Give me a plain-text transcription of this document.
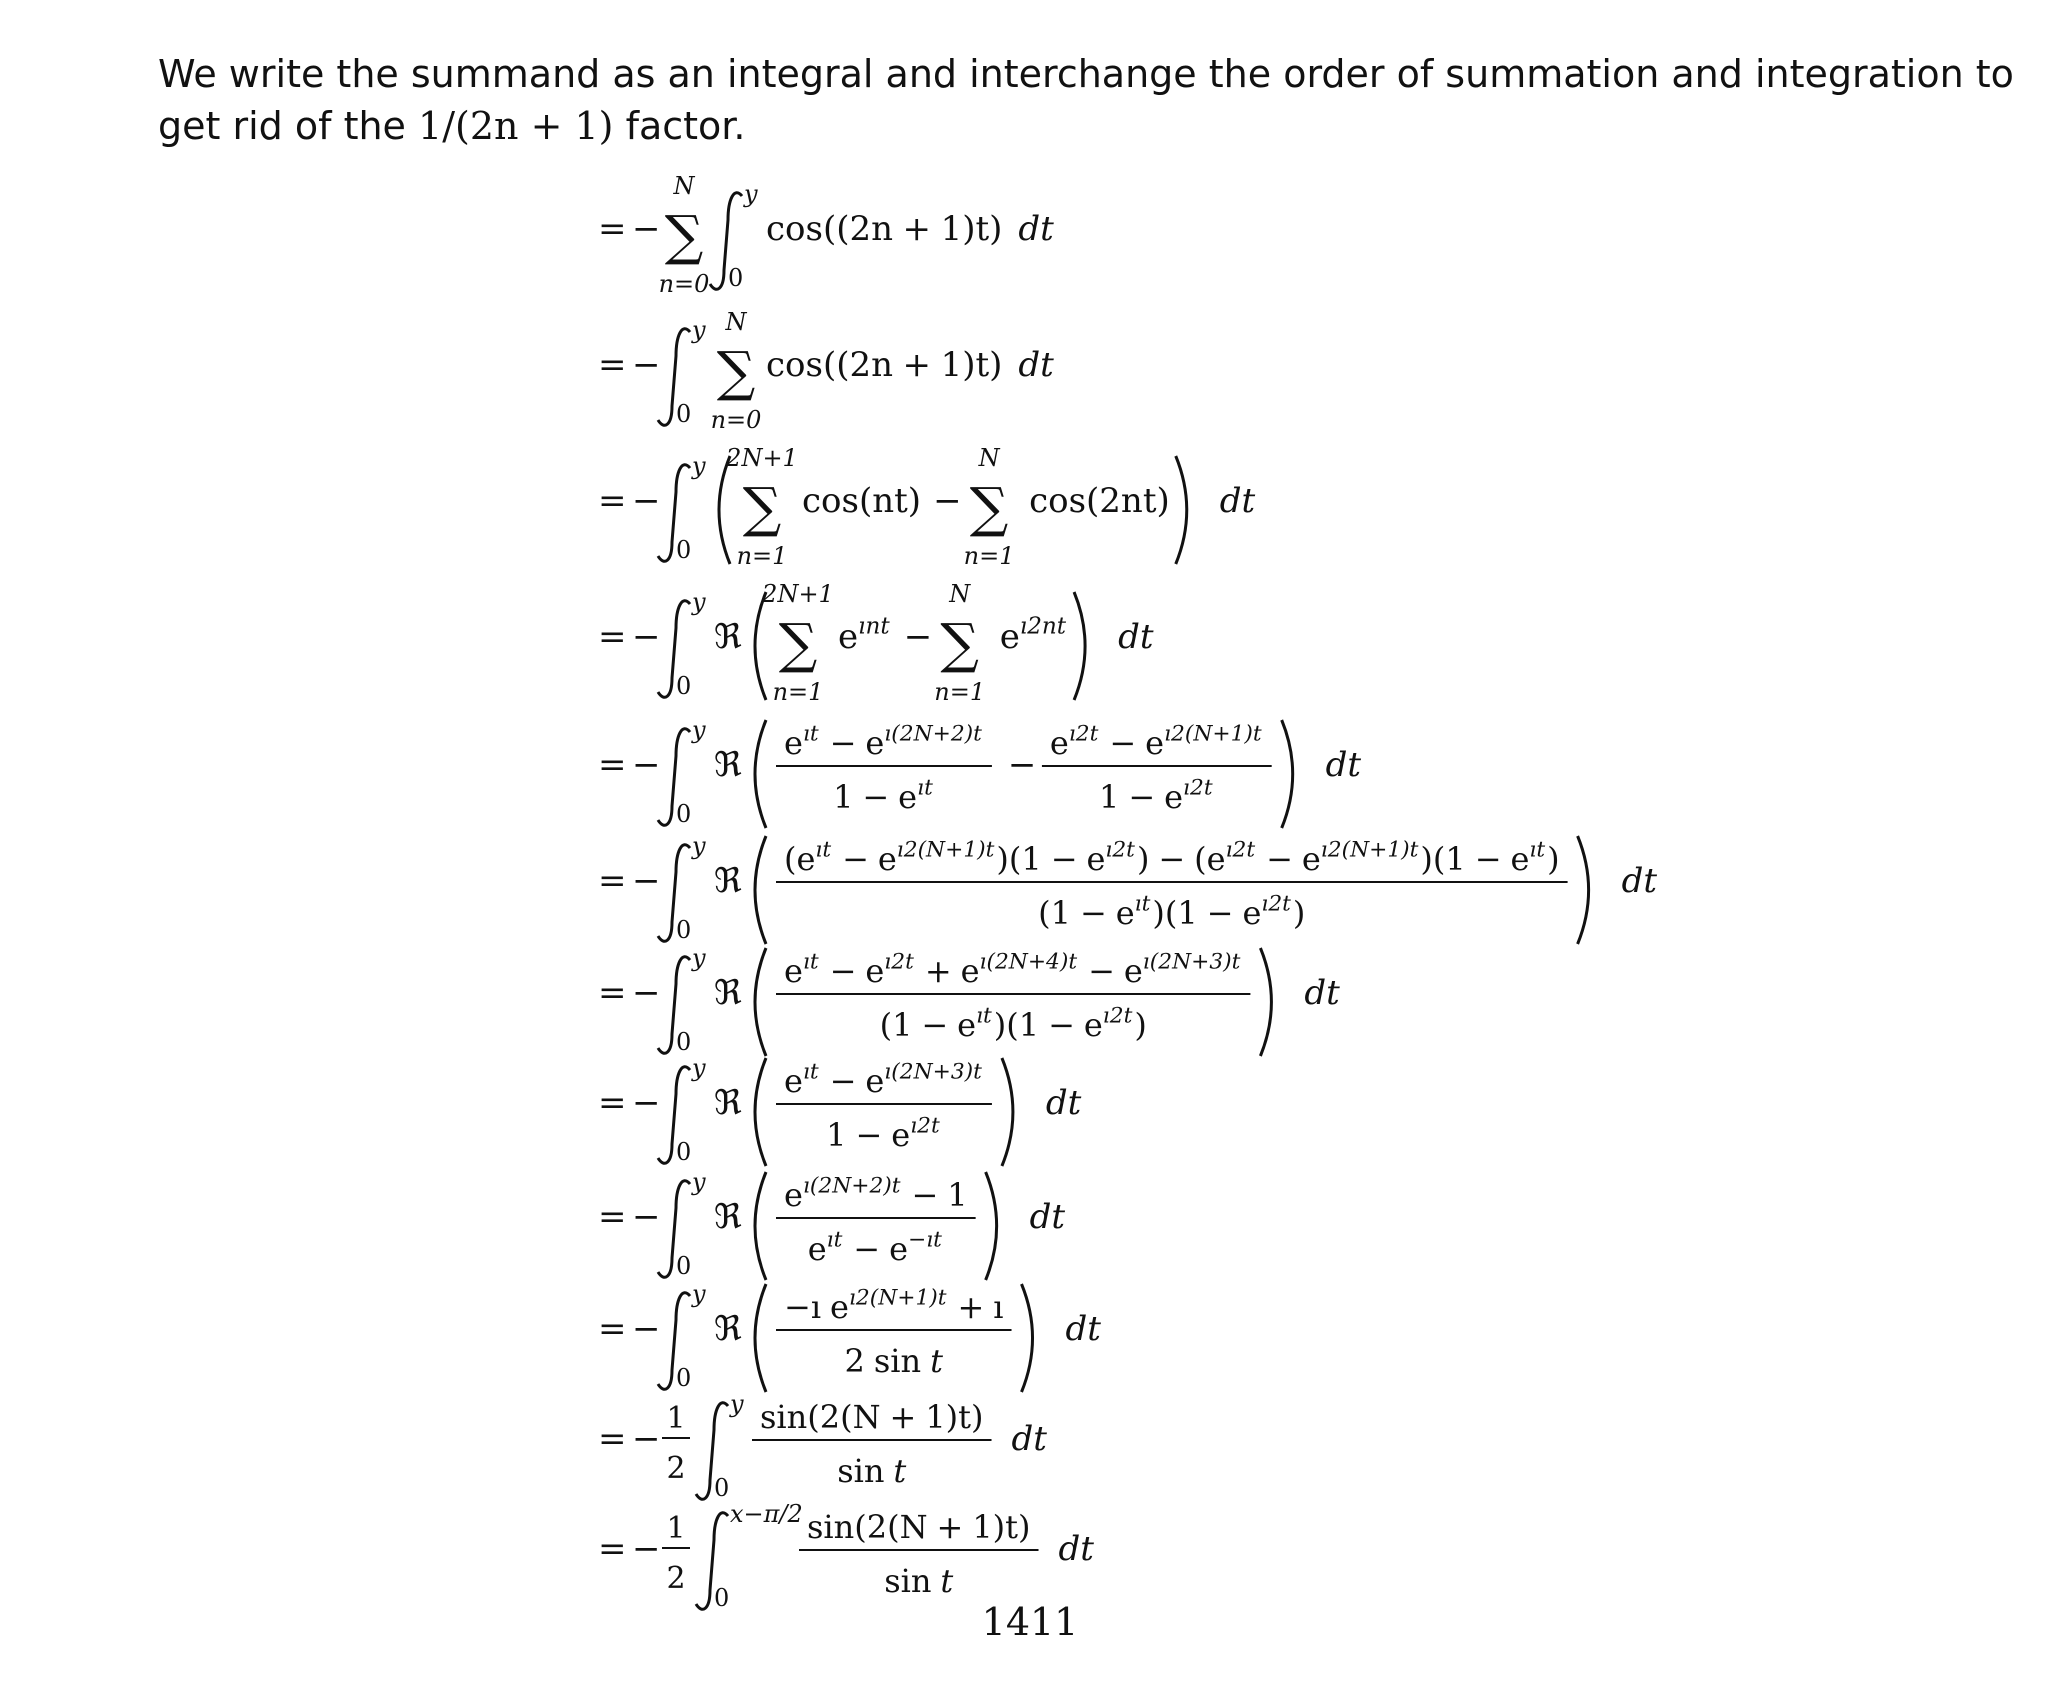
We write the summand as an integral and interchange the order of summation and integration to get rid of the 1/(2n + 1) factor.

= − ∑
N
n=0
y
0
cos((2n + 1)t) dt
= −
y
0
∑
N
n=0
cos((2n + 1)t) dt
= −
y
0
∑
2N+1
n=1
cos(nt) − ∑
N
n=1
cos(2nt) dt
= −
y
0
ℜ ∑
2N+1
n=1
e ınt − ∑
N
n=1
e ı2nt dt
= −
y
0
ℜ
e ıt − e ı(2N+2)t
1 − e ıt
−
e ı2t − e ı2(N+1)t
1 − e ı2t
dt
= −
y
0
ℜ
(e ıt − e ı2(N+1)t )(1 − e ı2t ) − (e ı2t − e ı2(N+1)t )(1 − e ıt )
(1 − e ıt )(1 − e ı2t )
dt
= −
y
0
ℜ
e ıt − e ı2t + e ı(2N+4)t − e ı(2N+3)t
(1 − e ıt )(1 − e ı2t )
dt
= −
y
0
ℜ
e ıt − e ı(2N+3)t
1 − e ı2t
dt
= −
y
0
ℜ
e ı(2N+2)t − 1
e ıt − e −ıt
dt
= −
y
0
ℜ
−ı e ı2(N+1)t + ı
2 sin t
dt
= −
1
2
y
0
sin(2(N + 1)t)
sin t
dt
= −
1
2
x−π/2
0
sin(2(N + 1)t)
sin t
dt

1411
